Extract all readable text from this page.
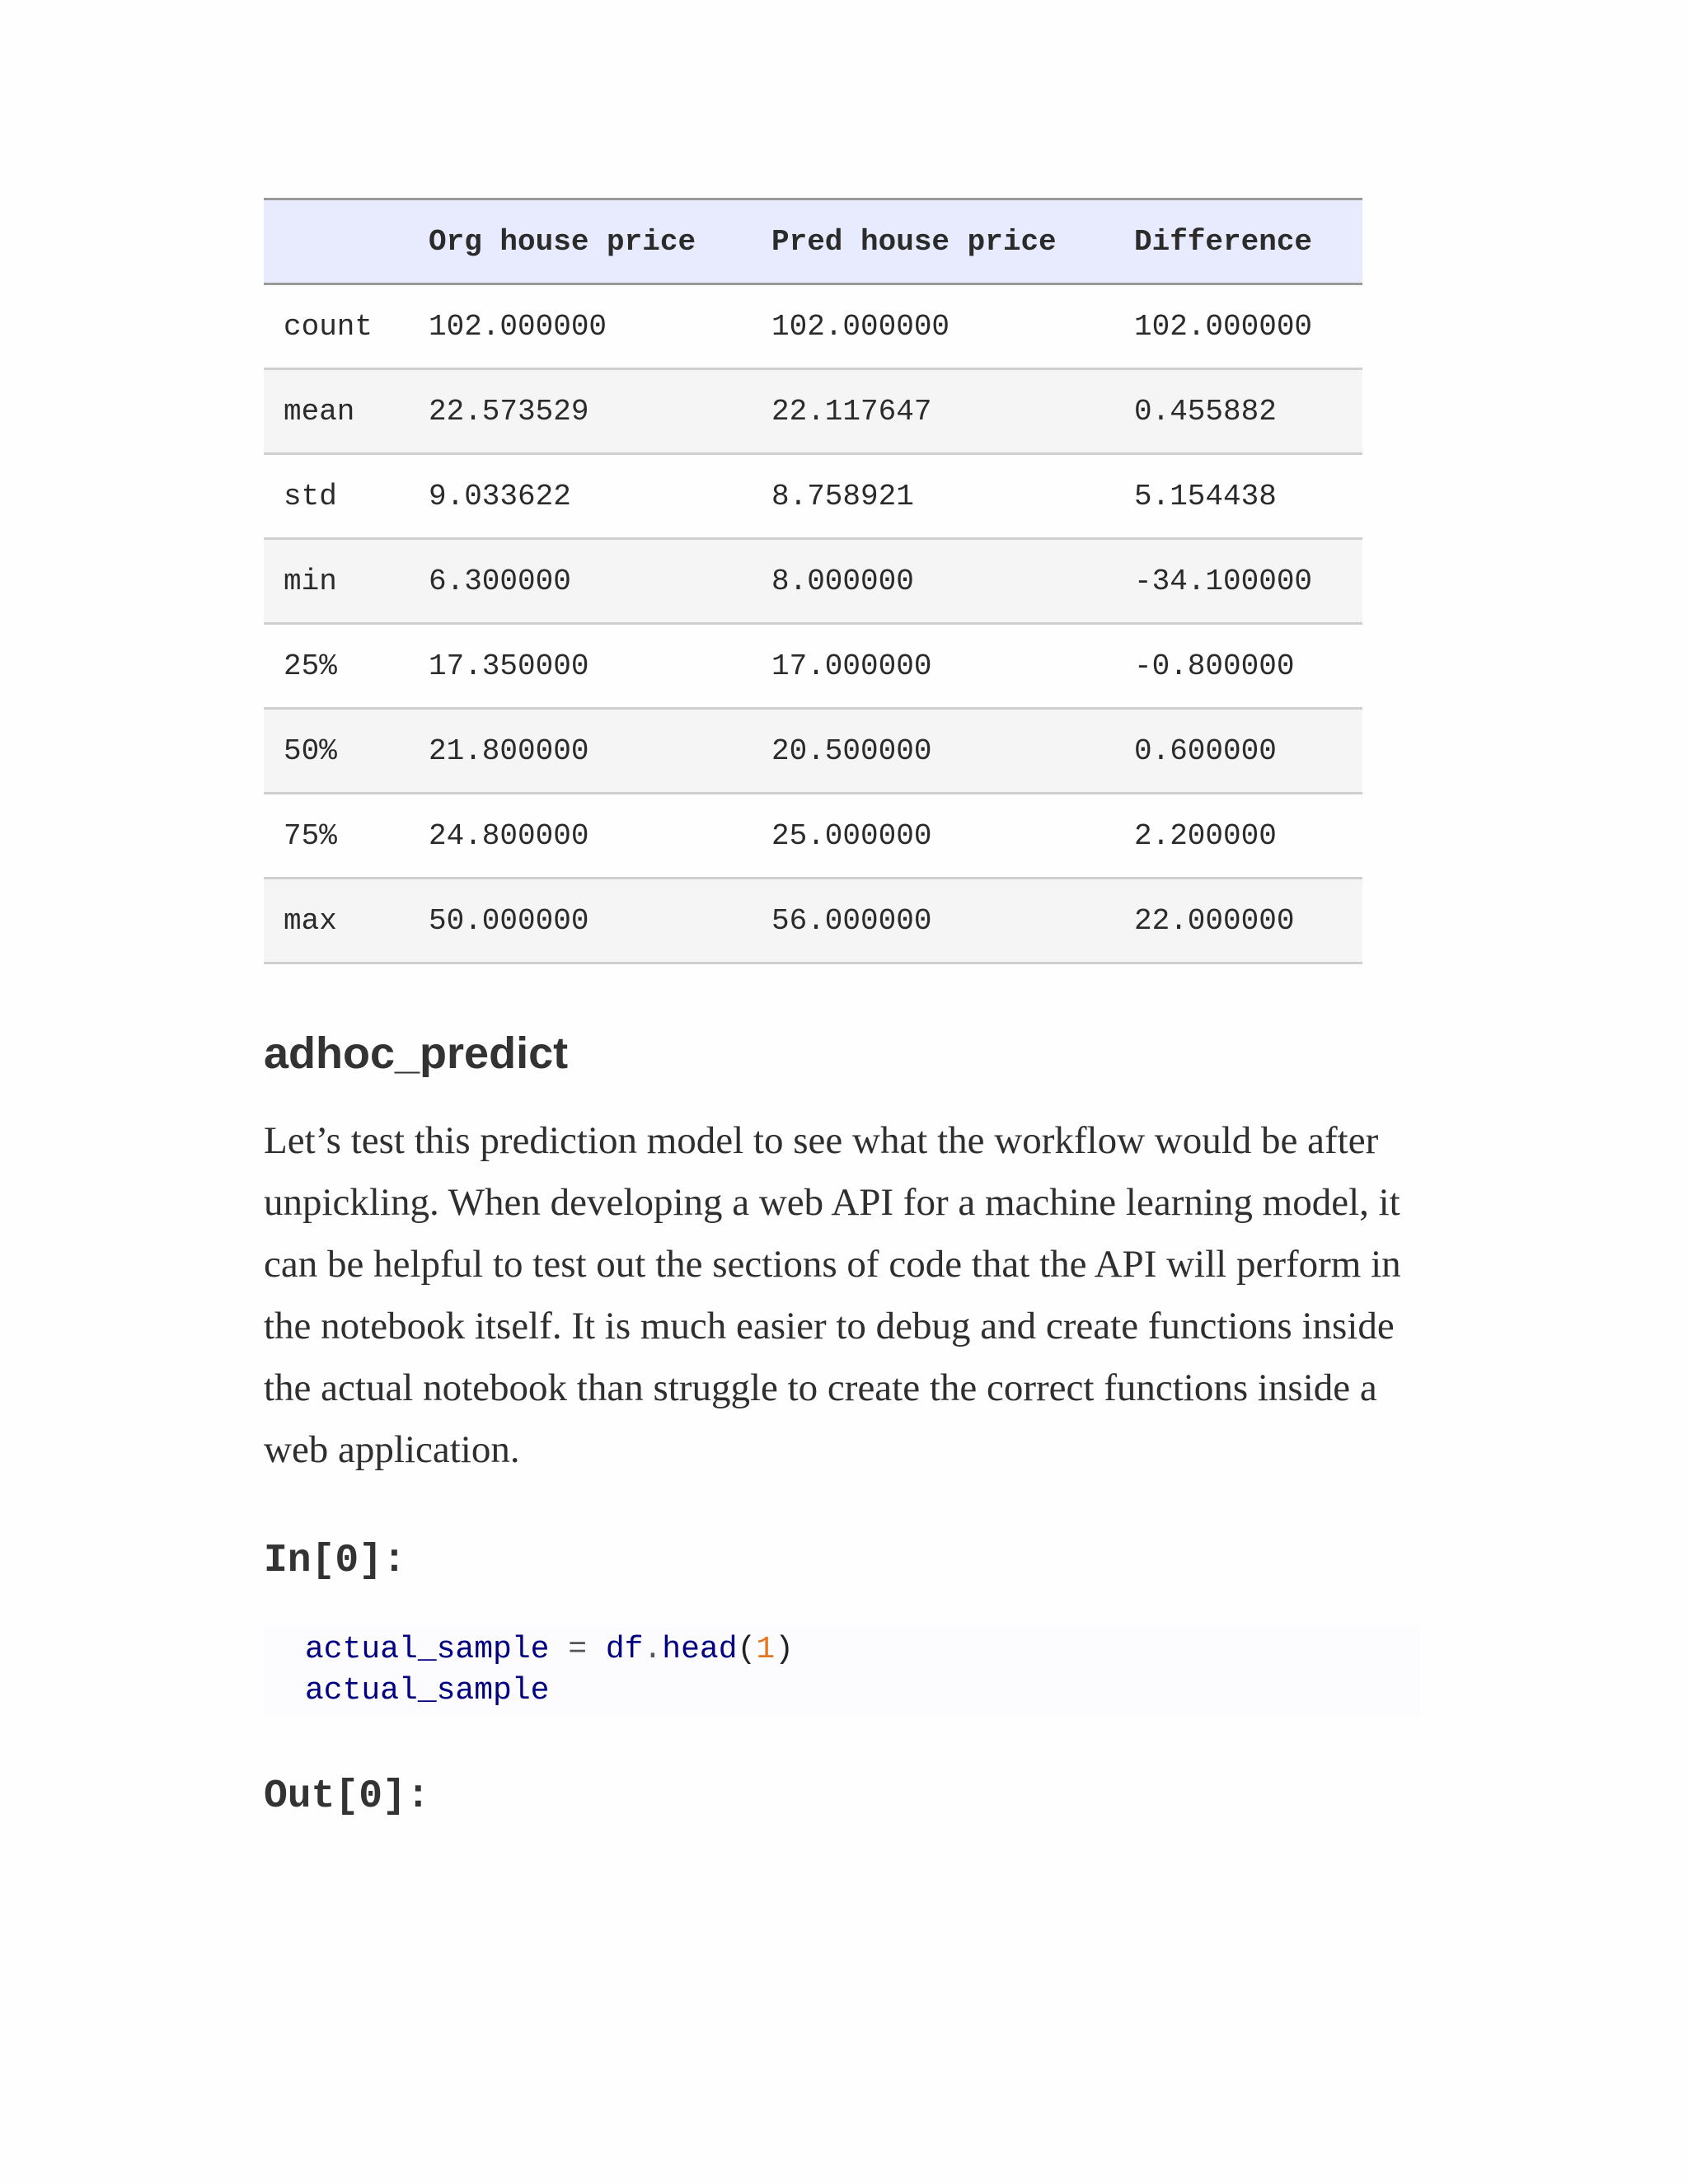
	Org house price	Pred house price	Difference
count	102.000000	102.000000	102.000000
mean	22.573529	22.117647	0.455882
std	9.033622	8.758921	5.154438
min	6.300000	8.000000	-34.100000
25%	17.350000	17.000000	-0.800000
50%	21.800000	20.500000	0.600000
75%	24.800000	25.000000	2.200000
max	50.000000	56.000000	22.000000
adhoc_predict

Let’s test this prediction model to see what the workflow would be after unpickling. When developing a web API for a machine learning model, it can be helpful to test out the sections of code that the API will perform in the notebook itself. It is much easier to debug and create functions inside the actual notebook than struggle to create the correct functions inside a web application.

In[0]:
actual_sample = df.head(1)
actual_sample
Out[0]:
